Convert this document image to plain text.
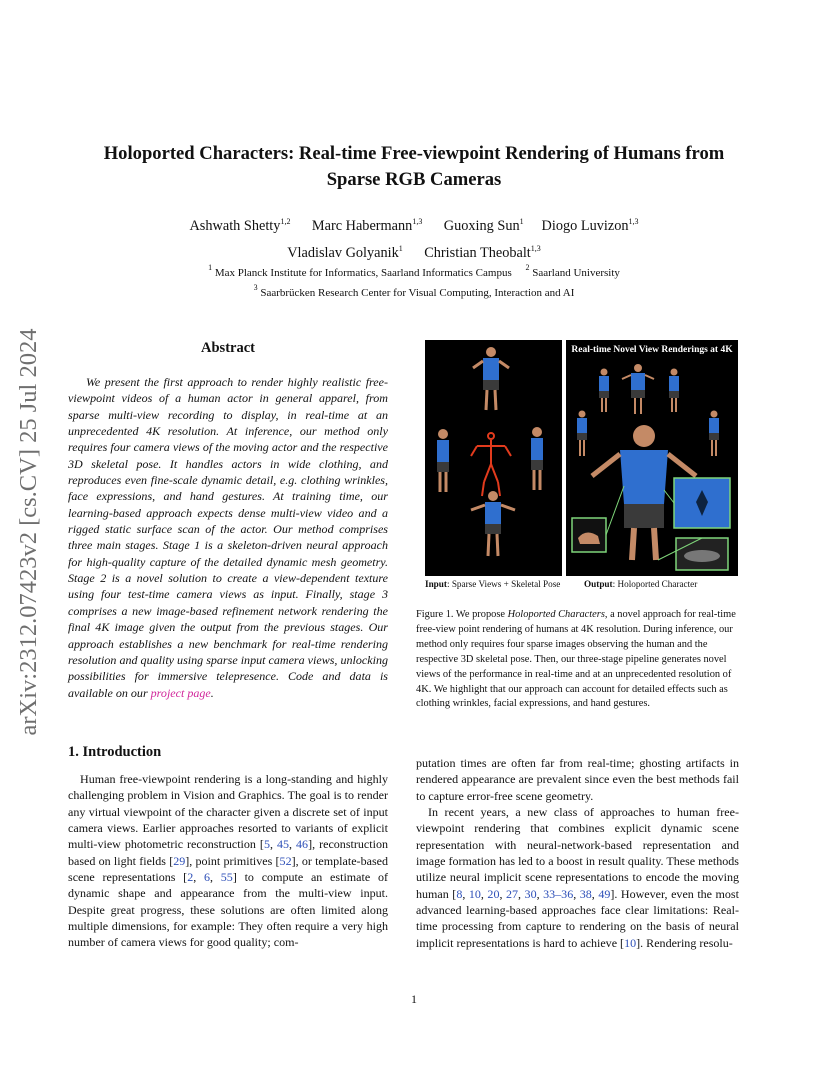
arXiv:2312.07423v2 [cs.CV] 25 Jul 2024
Holoported Characters: Real-time Free-viewpoint Rendering of Humans from
Sparse RGB Cameras
Ashwath Shetty$^{1,2}$ Marc Habermann$^{1,3}$ Guoxing Sun$^1$ Diogo Luvizon$^{1,3}$
Vladislav Golyanik$^1$ Christian Theobalt$^{1,3}$
$^1$ Max Planck Institute for Informatics, Saarland Informatics Campus $^2$ Saarland University
$^3$ Saarbrücken Research Center for Visual Computing, Interaction and AI
Abstract
We present the first approach to render highly realistic free-viewpoint videos of a human actor in general apparel, from sparse multi-view recording to display, in real-time at an unprecedented 4K resolution. At inference, our method only requires four camera views of the moving actor and the respective 3D skeletal pose. It handles actors in wide clothing, and reproduces even fine-scale dynamic detail, e.g. clothing wrinkles, face expressions, and hand gestures. At training time, our learning-based approach expects dense multi-view video and a rigged static surface scan of the actor. Our method comprises three main stages. Stage 1 is a skeleton-driven neural approach for high-quality capture of the detailed dynamic mesh geometry. Stage 2 is a novel solution to create a view-dependent texture using four test-time camera views as input. Finally, stage 3 comprises a new image-based refinement network rendering the final 4K image given the output from the previous stages. Our approach establishes a new benchmark for real-time rendering resolution and quality using sparse input camera views, unlocking possibilities for immersive telepresence. Code and data is available on our project page.
1. Introduction
Human free-viewpoint rendering is a long-standing and highly challenging problem in Vision and Graphics. The goal is to render any virtual viewpoint of the character given a discrete set of input camera views. Earlier approaches resorted to variants of explicit multi-view photometric reconstruction [5, 45, 46], reconstruction based on light fields [29], point primitives [52], or template-based scene representations [2, 6, 55] to compute an estimate of dynamic shape and appearance from the multi-view input. Despite great progress, these solutions are often limited along multiple dimensions, for example: They often require a very high number of camera views for good quality; com-
putation times are often far from real-time; ghosting artifacts in rendered appearance are prevalent since even the best methods fail to capture error-free scene geometry.
In recent years, a new class of approaches to human free-viewpoint rendering that combines explicit dynamic scene representation with neural-network-based representation and image formation has led to a boost in result quality. These methods utilize neural implicit scene representations to encode the moving human [8, 10, 20, 27, 30, 33–36, 38, 49]. However, even the most advanced learning-based approaches face clear limitations: Real-time processing from capture to rendering on the basis of neural implicit representations is hard to achieve [10]. Rendering resolu-
Real-time Novel View Renderings at 4K
Input: Sparse Views + Skeletal Pose	Output: Holoported Character
Figure 1. We propose Holoported Characters, a novel approach for real-time free-view point rendering of humans at 4K resolution. During inference, our method only requires four sparse images observing the human and the respective 3D skeletal pose. Then, our three-stage pipeline generates novel views of the performance in real-time and at an unprecedented resolution of 4K. We highlight that our approach can account for detailed effects such as clothing wrinkles, facial expressions, and hand gestures.
1
